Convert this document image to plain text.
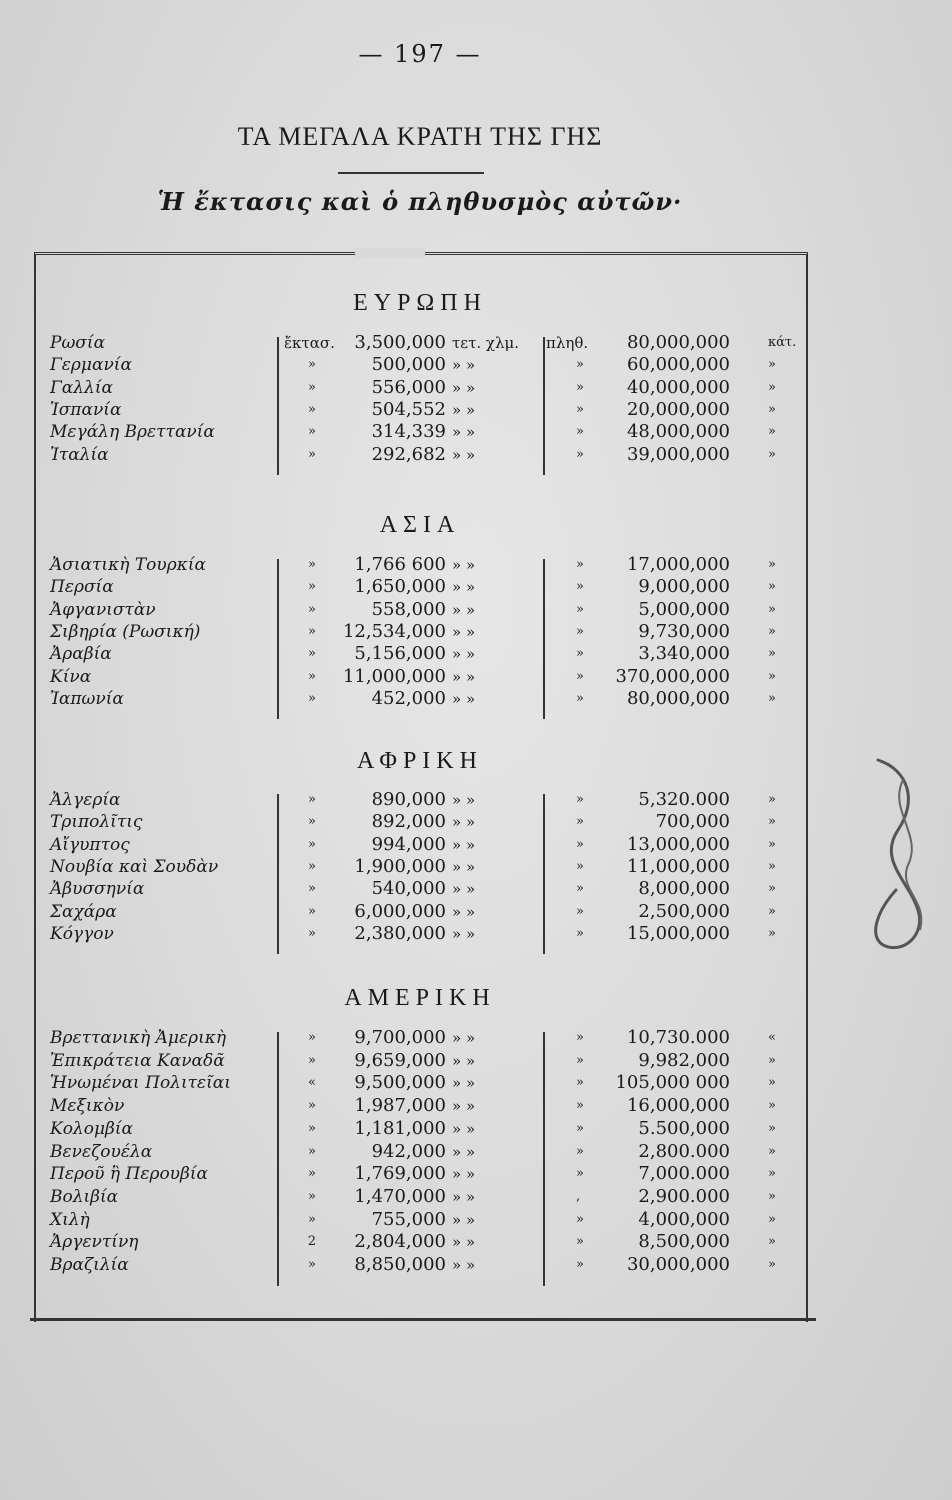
— 197 —
ΤΑ ΜΕΓΑΛΑ ΚΡΑΤΗ ΤΗΣ ΓΗΣ
Ἡ ἔκτασις καὶ ὁ πληθυσμὸς αὐτῶν·
ΕΥΡΩΠΗ
Ρωσία	ἔκτασ. 3,500,000 τετ. χλμ. πληθ. 80,000,000	κάτ.
Γερμανία	»	500,000 » »	» 60,000,000	»
Γαλλία	»	556,000 » »	» 40,000,000	»
Ἱσπανία	»	504,552 » »	» 20,000,000	»
Μεγάλη Βρεττανία	»	314,339 » »	» 48,000,000	»
Ἰταλία	»	292,682 » »	» 39,000,000	»
ΑΣΙΑ
Ἀσιατικὴ Τουρκία	» 1,766 600 » »	» 17,000,000	»
Περσία	» 1,650,000 » »	»	9,000,000	»
Ἀφγανιστὰν	»	558,000 » »	»	5,000,000	»
Σιβηρία (Ρωσική)	» 12,534,000 » »	»	9,730,000	»
Ἀραβία	» 5,156,000 » »	»	3,340,000	»
Κίνα	» 11,000,000 » »	» 370,000,000	»
Ἰαπωνία	»	452,000 » »	» 80,000,000	»
ΑΦΡΙΚΗ
Ἀλγερία	»	890,000 » »	»	5,320.000	»
Τριπολῖτις	»	892,000 » »	»	700,000	»
Αἴγυπτος	»	994,000 » »	» 13,000,000	»
Νουβία καὶ Σουδὰν	» 1,900,000 » »	» 11,000,000	»
Ἀβυσσηνία	»	540,000 » »	»	8,000,000	»
Σαχάρα	» 6,000,000 » »	»	2,500,000	»
Κόγγον	» 2,380,000 » »	» 15,000,000	»
ΑΜΕΡΙΚΗ
Βρεττανικὴ Ἀμερικὴ	» 9,700,000 » »	» 10,730.000	«
Ἐπικράτεια Καναδᾶ	» 9,659,000 » »	»	9,982,000	»
Ἡνωμέναι Πολιτεῖαι	« 9,500,000 » »	» 105,000 000	»
Μεξικὸν	» 1,987,000 » »	» 16,000,000	»
Κολομβία	» 1,181,000 » »	»	5.500,000	»
Βενεζουέλα	»	942,000 » »	»	2,800.000	»
Περοῦ ἢ Περουβία	» 1,769,000 » »	»	7,000.000	»
Βολιβία	» 1,470,000 » »	,	2,900.000	»
Χιλὴ	»	755,000 » »	»	4,000,000	»
Ἀργεντίνη	2 2,804,000 » »	»	8,500,000	»
Βραζιλία	» 8,850,000 » »	» 30,000,000	»
